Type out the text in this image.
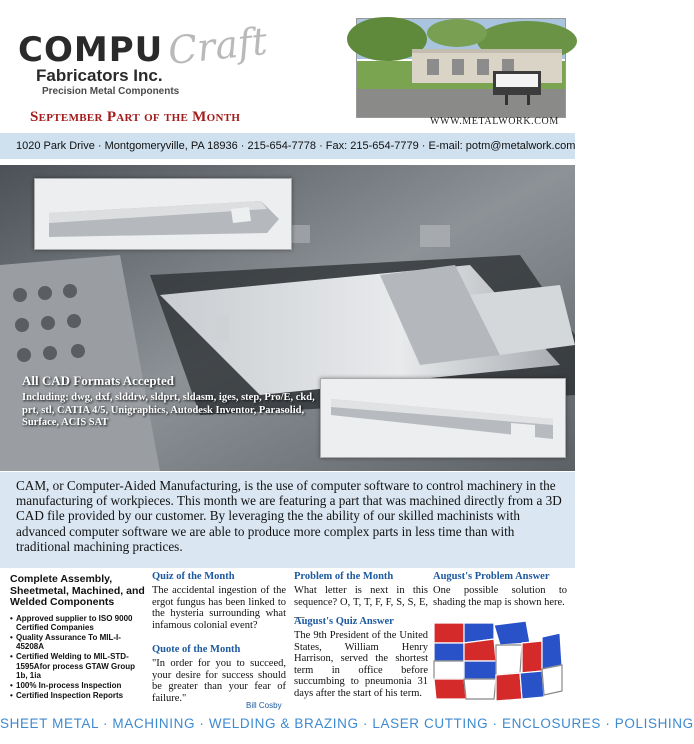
COMPU Craft
Fabricators Inc.
Precision Metal Components
September Part of the Month	WWW.METALWORK.COM
1020 Park Drive · Montgomeryville, PA 18936 · 215-654-7778 · Fax: 215-654-7779 · E-mail: potm@metalwork.com
All CAD Formats Accepted
Including: dwg, dxf, slddrw, sldprt, sldasm, iges, step, Pro/E, ckd, prt, stl, CATIA 4/5, Unigraphics, Autodesk Inventor, Parasolid, Surface, ACIS SAT
CAM, or Computer-Aided Manufacturing, is the use of computer software to control machinery in the manufacturing of workpieces. This month we are featuring a part that was machined directly from a 3D CAD file provided by our customer. By leveraging the the ability of our skilled machinists with advanced computer software we are able to produce more complex parts in less time than with traditional machining practices.
Complete Assembly, Sheetmetal, Machined, and Welded Components
• Approved supplier to ISO 9000 Certified Companies
• Quality Assurance To MIL-I-45208A
• Certified Welding to MIL-STD-1595Afor process GTAW Group 1b, 1ia
• 100% In-process Inspection
• Certified Inspection Reports
Quiz of the Month
The accidental ingestion of the ergot fungus has been linked to the hysteria surrounding what infamous colonial event?
Quote of the Month
"In order for you to succeed, your desire for success should be greater than your fear of failure."
Bill Cosby
Problem of the Month
What letter is next in this sequence? O, T, T, F, F, S, S, E, __
August's Quiz Answer
The 9th President of the United States, William Henry Harrison, served the shortest term in office before succumbing to pneumonia 31 days after the start of his term.
August's Problem Answer
One possible solution to shading the map is shown here.
SHEET METAL · MACHINING · WELDING & BRAZING · LASER CUTTING · ENCLOSURES · POLISHING
